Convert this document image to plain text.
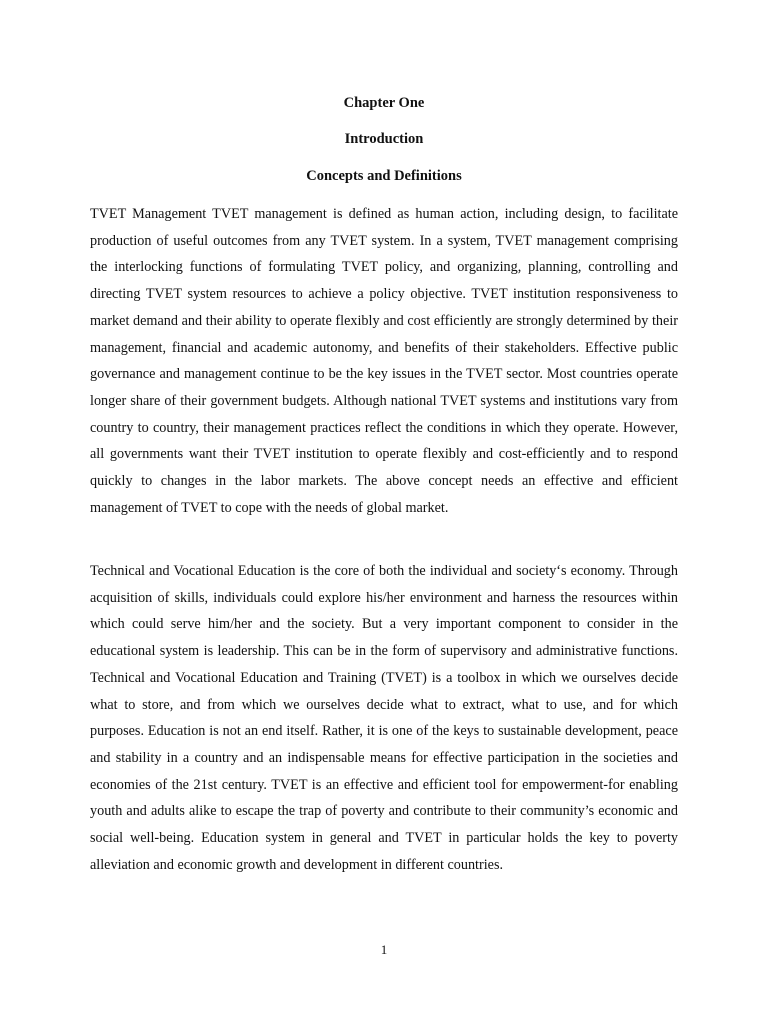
Chapter One
Introduction
Concepts and Definitions

TVET Management TVET management is defined as human action, including design, to facilitate production of useful outcomes from any TVET system. In a system, TVET management comprising the interlocking functions of formulating TVET policy, and organizing, planning, controlling and directing TVET system resources to achieve a policy objective. TVET institution responsiveness to market demand and their ability to operate flexibly and cost efficiently are strongly determined by their management, financial and academic autonomy, and benefits of their stakeholders. Effective public governance and management continue to be the key issues in the TVET sector. Most countries operate longer share of their government budgets. Although national TVET systems and institutions vary from country to country, their management practices reflect the conditions in which they operate. However, all governments want their TVET institution to operate flexibly and cost-efficiently and to respond quickly to changes in the labor markets. The above concept needs an effective and efficient management of TVET to cope with the needs of global market.

Technical and Vocational Education is the core of both the individual and society‘s economy. Through acquisition of skills, individuals could explore his/her environment and harness the resources within which could serve him/her and the society. But a very important component to consider in the educational system is leadership. This can be in the form of supervisory and administrative functions. Technical and Vocational Education and Training (TVET) is a toolbox in which we ourselves decide what to store, and from which we ourselves decide what to extract, what to use, and for which purposes. Education is not an end itself. Rather, it is one of the keys to sustainable development, peace and stability in a country and an indispensable means for effective participation in the societies and economies of the 21st century. TVET is an effective and efficient tool for empowerment-for enabling youth and adults alike to escape the trap of poverty and contribute to their community’s economic and social well-being. Education system in general and TVET in particular holds the key to poverty alleviation and economic growth and development in different countries.

1
